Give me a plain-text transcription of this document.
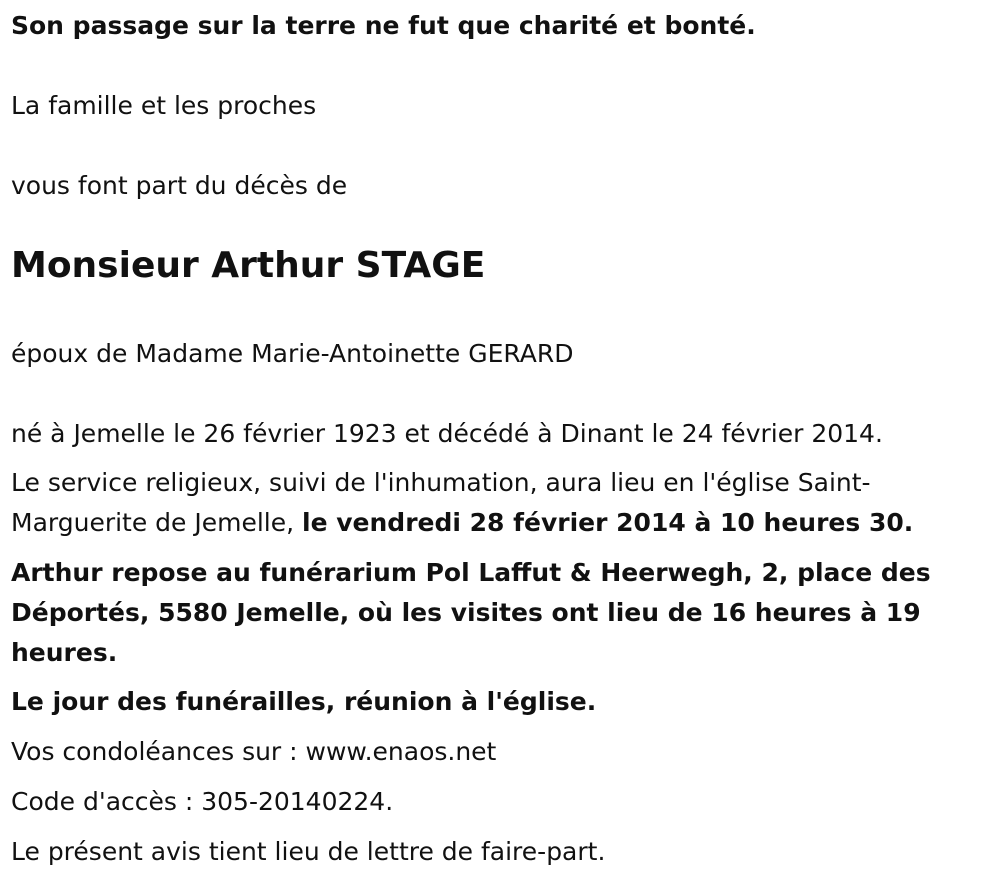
Son passage sur la terre ne fut que charité et bonté.

La famille et les proches

vous font part du décès de

Monsieur Arthur STAGE

époux de Madame Marie-Antoinette GERARD

né à Jemelle le 26 février 1923 et décédé à Dinant le 24 février 2014.

Le service religieux, suivi de l'inhumation, aura lieu en l'église Saint-

Marguerite de Jemelle, le vendredi 28 février 2014 à 10 heures 30.

Arthur repose au funérarium Pol Laffut & Heerwegh, 2, place des

Déportés, 5580 Jemelle, où les visites ont lieu de 16 heures à 19

heures.

Le jour des funérailles, réunion à l'église.

Vos condoléances sur : www.enaos.net

Code d'accès : 305-20140224.

Le présent avis tient lieu de lettre de faire-part.
